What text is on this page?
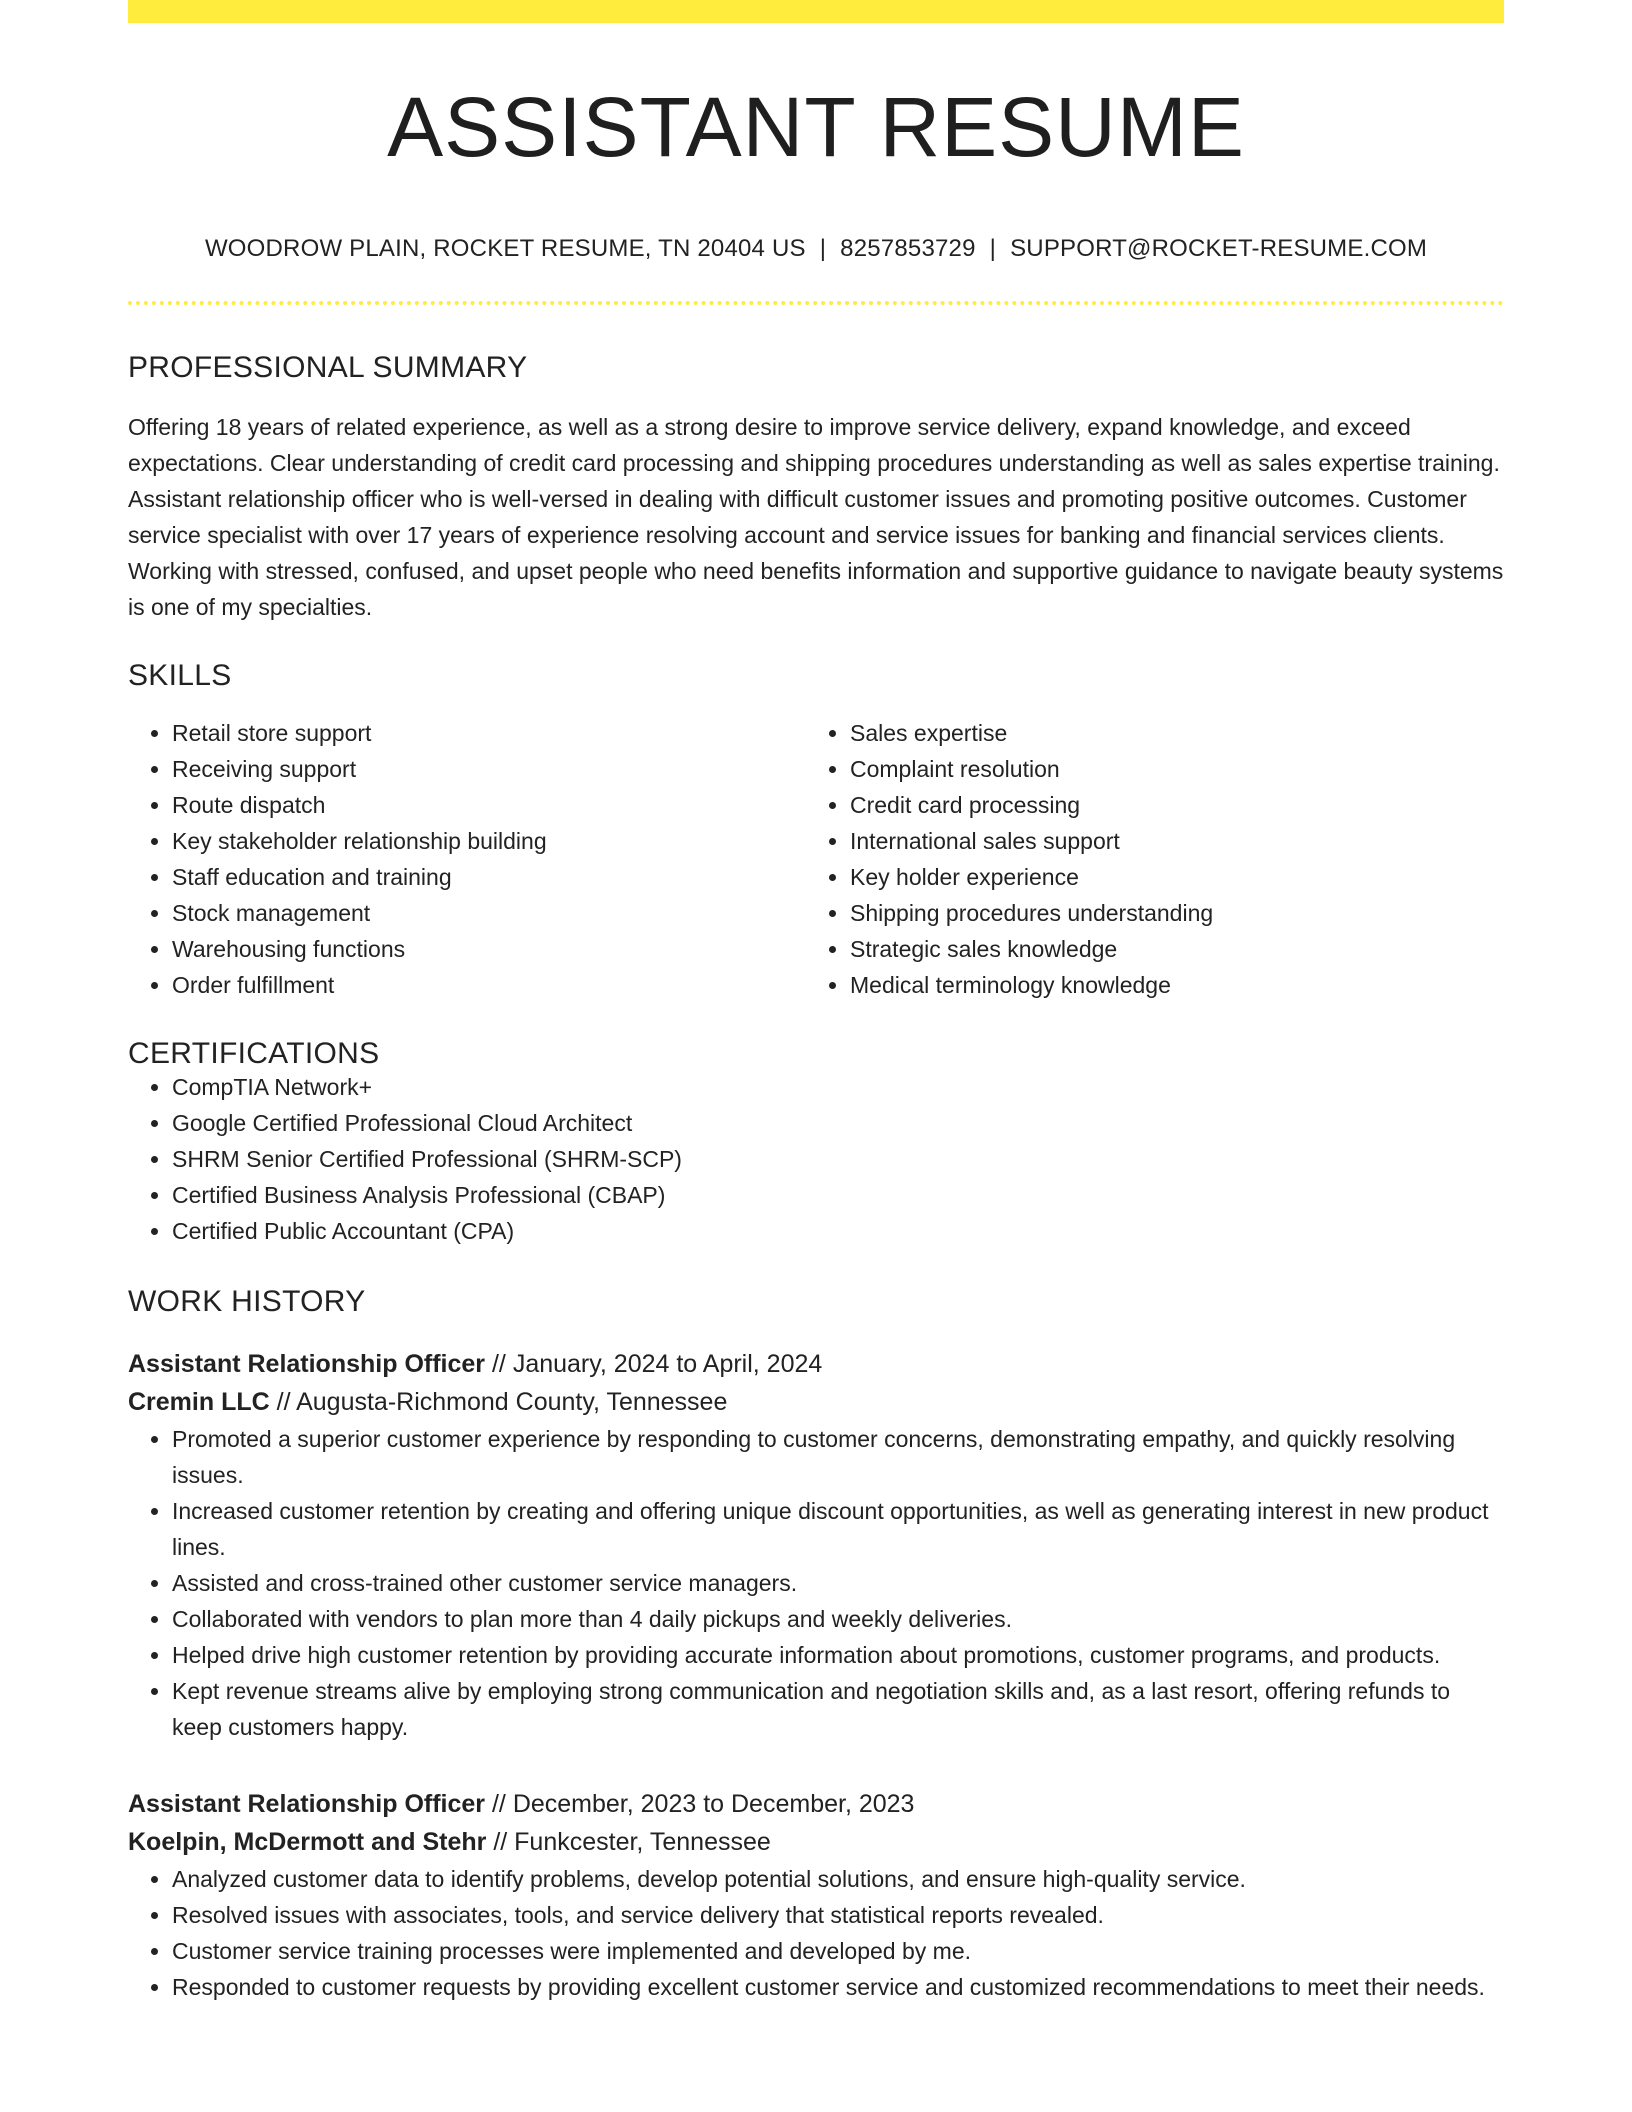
ASSISTANT RESUME
WOODROW PLAIN, ROCKET RESUME, TN 20404 US | 8257853729 | SUPPORT@ROCKET-RESUME.COM
PROFESSIONAL SUMMARY

Offering 18 years of related experience, as well as a strong desire to improve service delivery, expand knowledge, and exceed expectations. Clear understanding of credit card processing and shipping procedures understanding as well as sales expertise training. Assistant relationship officer who is well-versed in dealing with difficult customer issues and promoting positive outcomes. Customer service specialist with over 17 years of experience resolving account and service issues for banking and financial services clients. Working with stressed, confused, and upset people who need benefits information and supportive guidance to navigate beauty systems is one of my specialties.

SKILLS
• Retail store support
• Receiving support
• Route dispatch
• Key stakeholder relationship building
• Staff education and training
• Stock management
• Warehousing functions
• Order fulfillment
• Sales expertise
• Complaint resolution
• Credit card processing
• International sales support
• Key holder experience
• Shipping procedures understanding
• Strategic sales knowledge
• Medical terminology knowledge
CERTIFICATIONS
• CompTIA Network+
• Google Certified Professional Cloud Architect
• SHRM Senior Certified Professional (SHRM-SCP)
• Certified Business Analysis Professional (CBAP)
• Certified Public Accountant (CPA)
WORK HISTORY
Assistant Relationship Officer // January, 2024 to April, 2024
Cremin LLC // Augusta-Richmond County, Tennessee
• Promoted a superior customer experience by responding to customer concerns, demonstrating empathy, and quickly resolving issues.
• Increased customer retention by creating and offering unique discount opportunities, as well as generating interest in new product lines.
• Assisted and cross-trained other customer service managers.
• Collaborated with vendors to plan more than 4 daily pickups and weekly deliveries.
• Helped drive high customer retention by providing accurate information about promotions, customer programs, and products.
• Kept revenue streams alive by employing strong communication and negotiation skills and, as a last resort, offering refunds to keep customers happy.
Assistant Relationship Officer // December, 2023 to December, 2023
Koelpin, McDermott and Stehr // Funkcester, Tennessee
• Analyzed customer data to identify problems, develop potential solutions, and ensure high-quality service.
• Resolved issues with associates, tools, and service delivery that statistical reports revealed.
• Customer service training processes were implemented and developed by me.
• Responded to customer requests by providing excellent customer service and customized recommendations to meet their needs.
